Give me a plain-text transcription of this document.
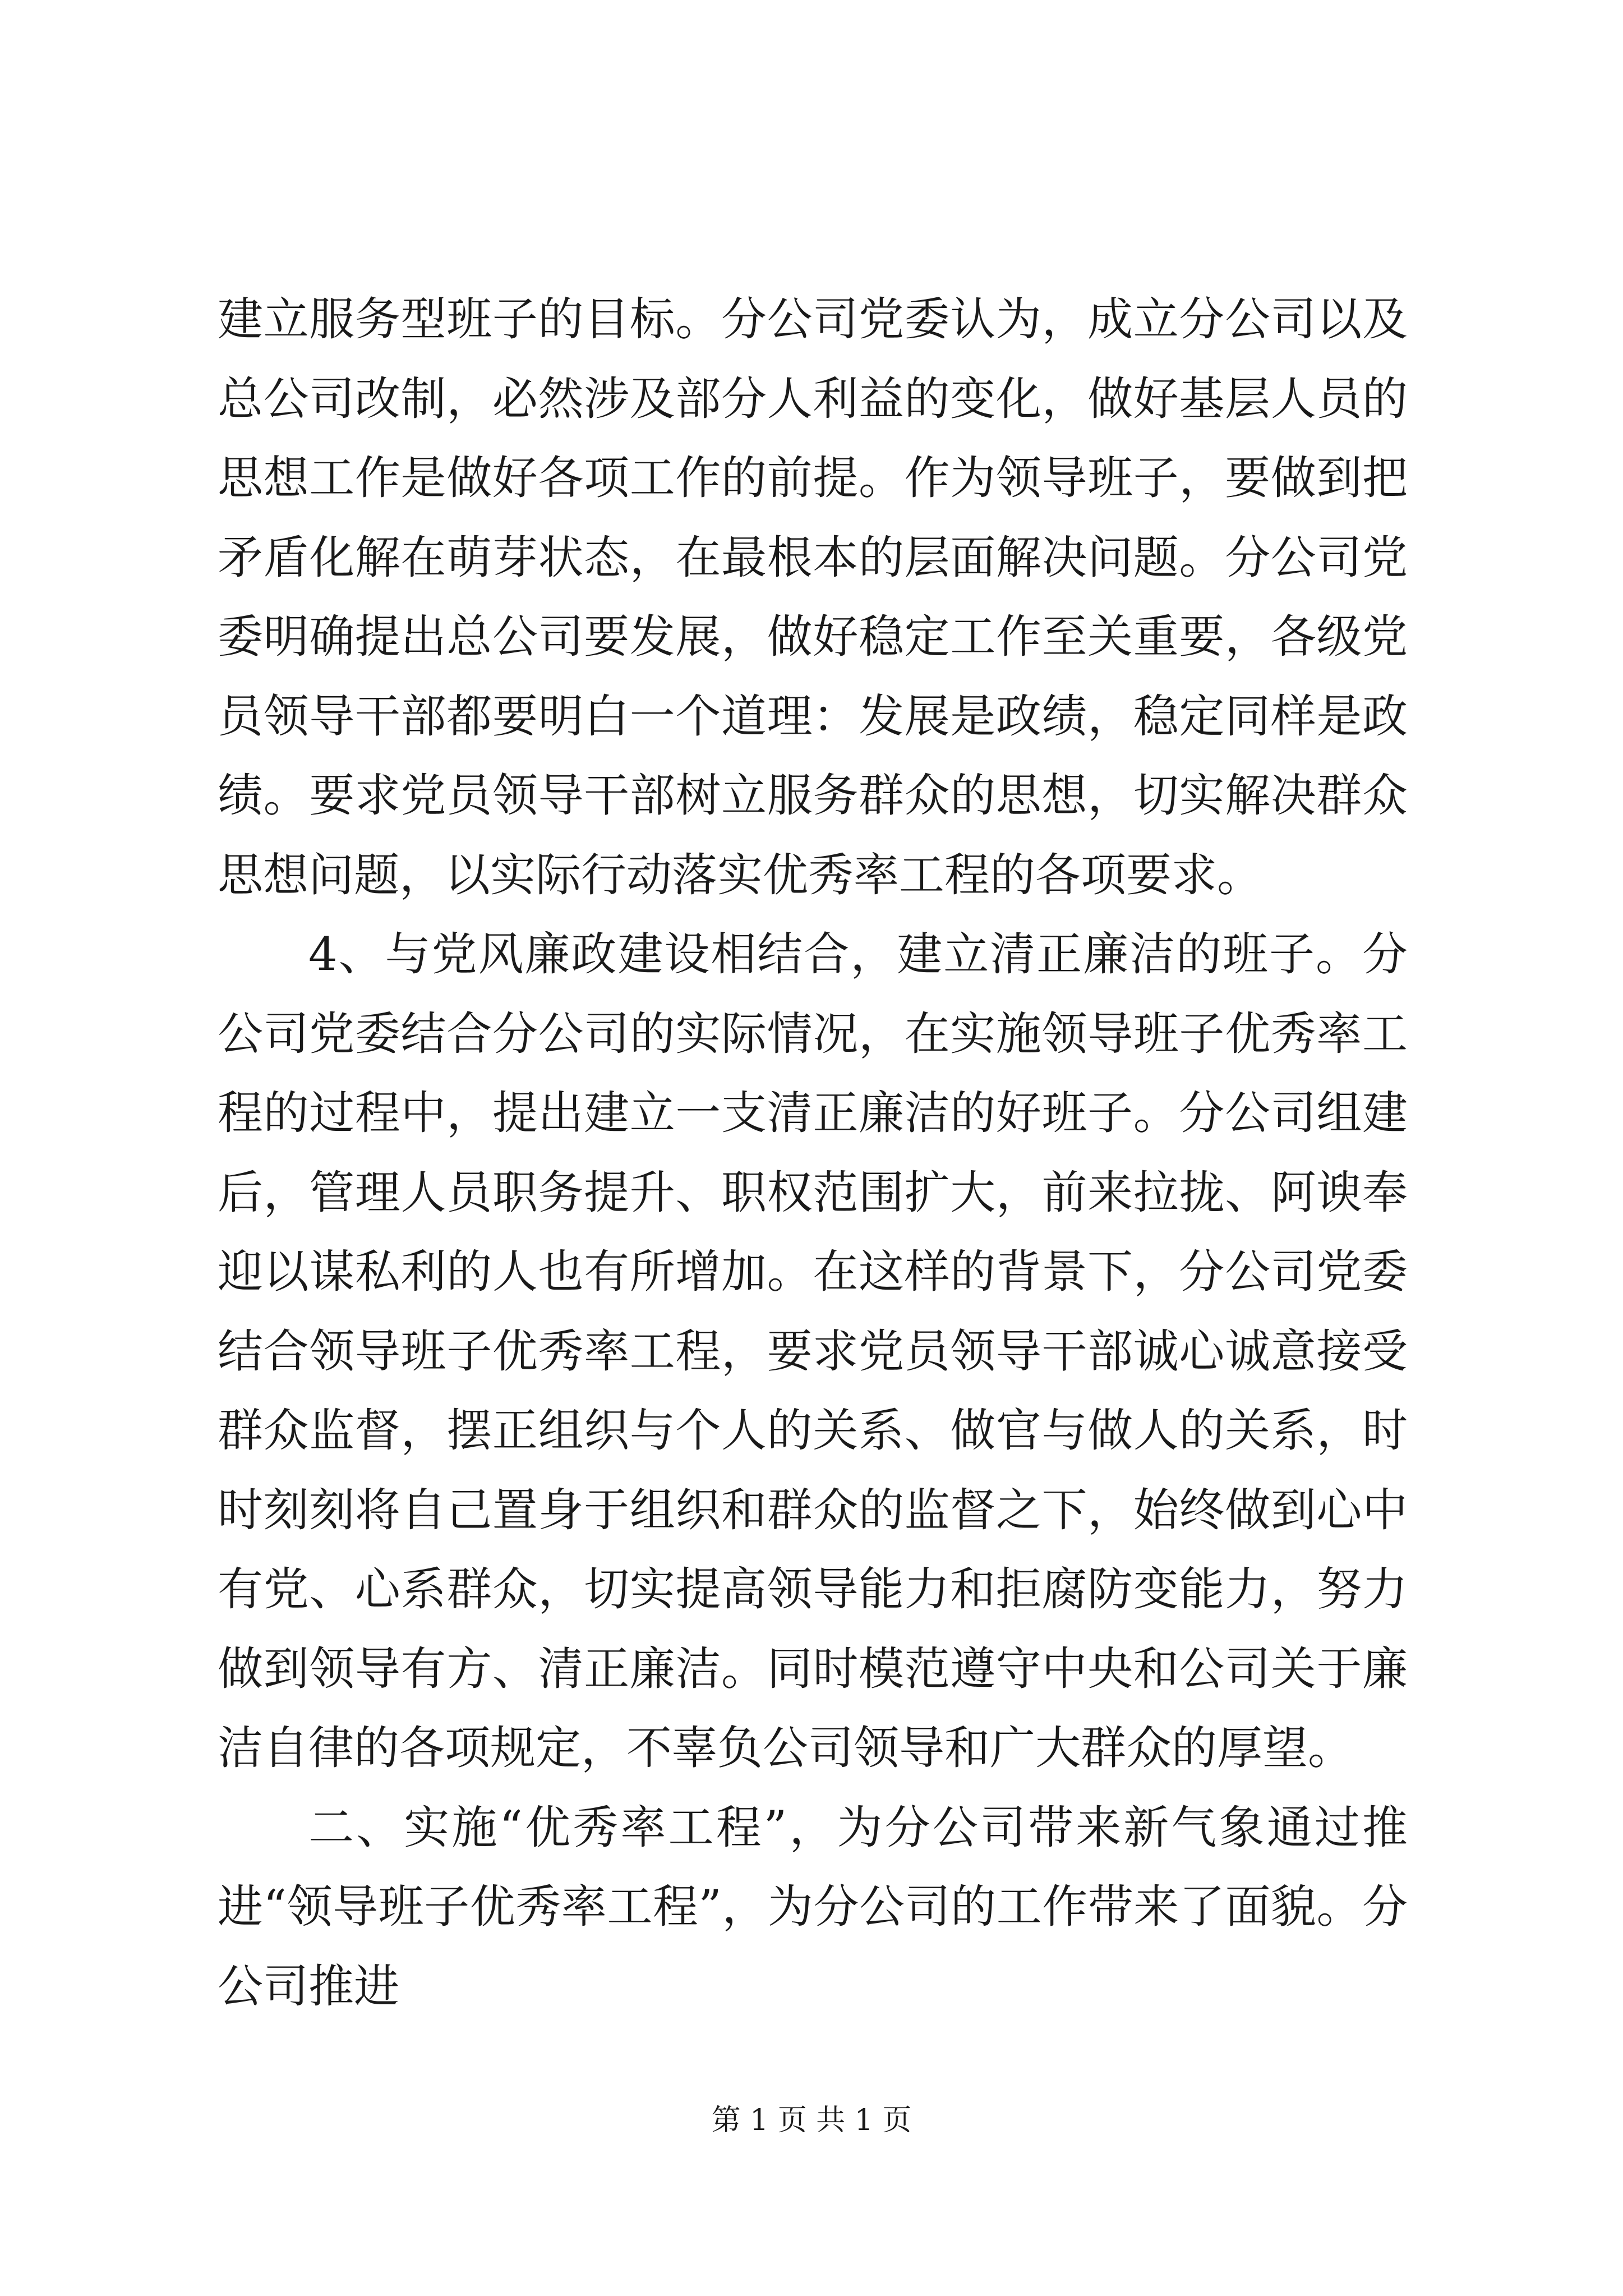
建立服务型班子的目标。分公司党委认为，成立分公司以及总公司改制，必然涉及部分人利益的变化，做好基层人员的思想工作是做好各项工作的前提。作为领导班子，要做到把矛盾化解在萌芽状态，在最根本的层面解决问题。分公司党委明确提出总公司要发展，做好稳定工作至关重要，各级党员领导干部都要明白一个道理：发展是政绩，稳定同样是政绩。要求党员领导干部树立服务群众的思想，切实解决群众思想问题，以实际行动落实优秀率工程的各项要求。

4、与党风廉政建设相结合，建立清正廉洁的班子。分公司党委结合分公司的实际情况，在实施领导班子优秀率工程的过程中，提出建立一支清正廉洁的好班子。分公司组建后，管理人员职务提升、职权范围扩大，前来拉拢、阿谀奉迎以谋私利的人也有所增加。在这样的背景下，分公司党委结合领导班子优秀率工程，要求党员领导干部诚心诚意接受群众监督，摆正组织与个人的关系、做官与做人的关系，时时刻刻将自己置身于组织和群众的监督之下，始终做到心中有党、心系群众，切实提高领导能力和拒腐防变能力，努力做到领导有方、清正廉洁。同时模范遵守中央和公司关于廉洁自律的各项规定，不辜负公司领导和广大群众的厚望。

二、实施“优秀率工程”，为分公司带来新气象通过推进“领导班子优秀率工程”，为分公司的工作带来了面貌。分公司推进

第 1 页 共 1 页
